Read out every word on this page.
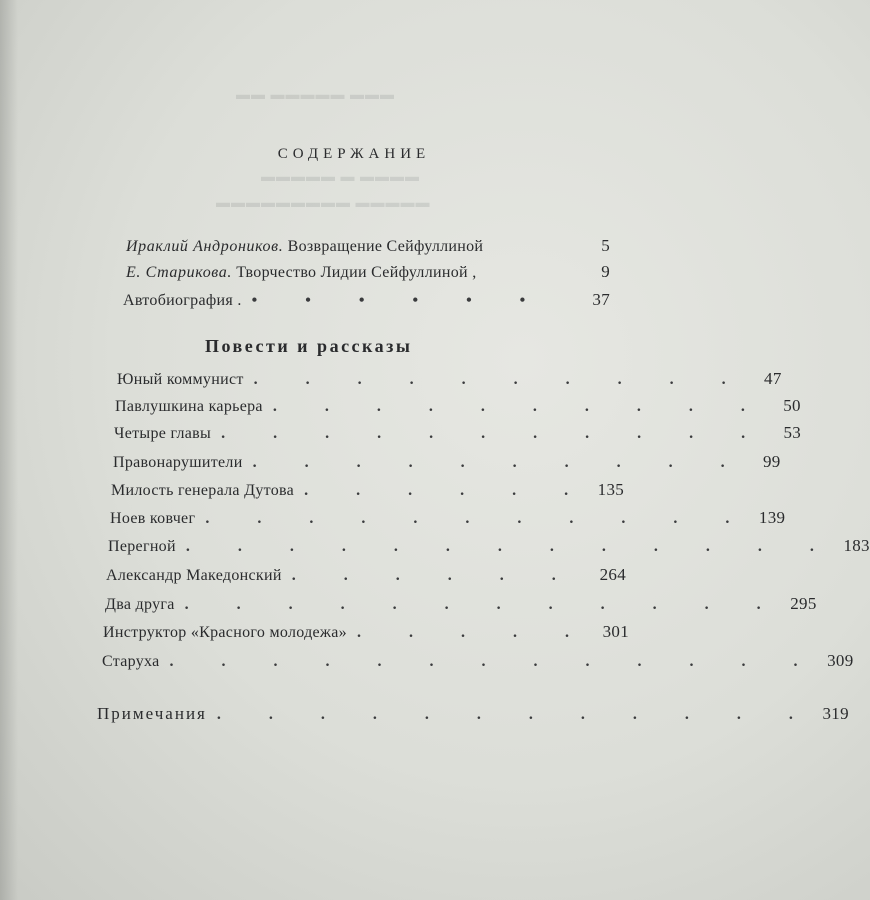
▬▬▬ ▬▬▬▬▬ ▬▬
▬▬▬▬ ▬ ▬▬▬▬▬
▬▬▬▬▬ ▬▬▬▬▬▬▬▬▬
СОДЕРЖАНИЕ
Ираклий Андроников. Возвращение Сейфуллиной	5
Е. Старикова. Творчество Лидии Сейфуллиной ,	9
Автобиография . • • • • • •	37
Повести и рассказы
Юный коммунист . . . . . . . . . . 47
Павлушкина карьера . . . . . . . . . . 50
Четыре главы . . . . . . . . . . . 53
Правонарушители . . . . . . . . . . 99
Милость генерала Дутова . . . . . . 135
Ноев ковчег . . . . . . . . . . . 139
Перегной . . . . . . . . . . . . . 183
Александр Македонский . . . . . .	264
Два друга . . . . . . . . . . . . 295
Инструктор «Красного молодежа» . . . . . 301
Старуха . . . . . . . . . . . . . 309
Примечания . . . . . . . . . . . . 319
